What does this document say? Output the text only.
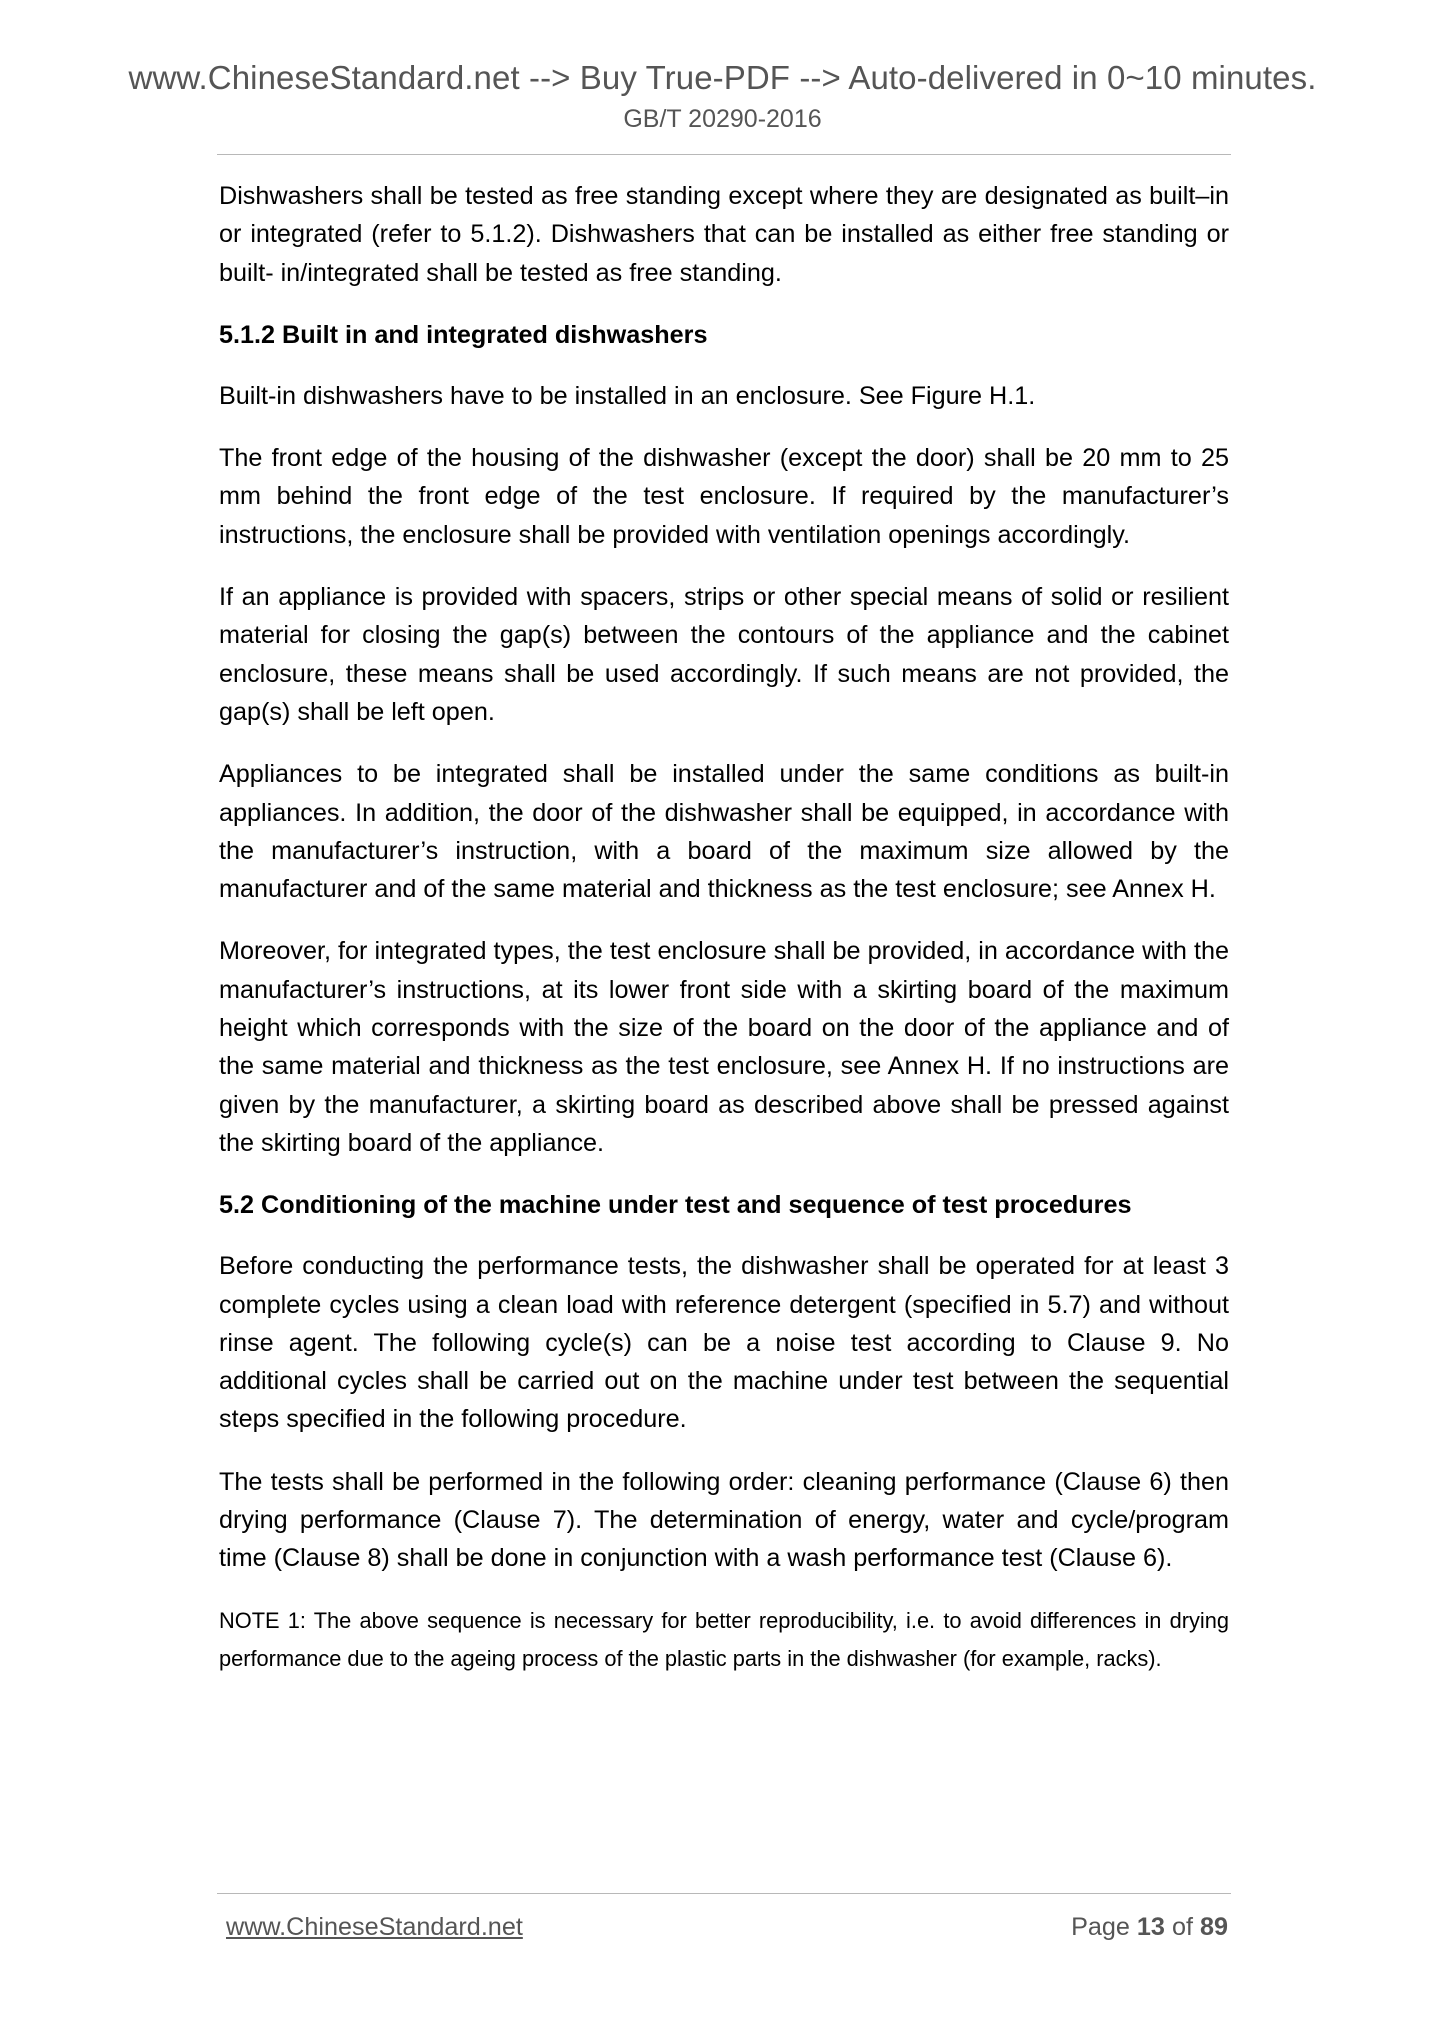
www.ChineseStandard.net --> Buy True-PDF --> Auto-delivered in 0~10 minutes.
GB/T 20290-2016

Dishwashers shall be tested as free standing except where they are designated as built–in or integrated (refer to 5.1.2). Dishwashers that can be installed as either free standing or built- in/integrated shall be tested as free standing.

5.1.2 Built in and integrated dishwashers

Built-in dishwashers have to be installed in an enclosure. See Figure H.1.

The front edge of the housing of the dishwasher (except the door) shall be 20 mm to 25 mm behind the front edge of the test enclosure. If required by the manufacturer’s instructions, the enclosure shall be provided with ventilation openings accordingly.

If an appliance is provided with spacers, strips or other special means of solid or resilient material for closing the gap(s) between the contours of the appliance and the cabinet enclosure, these means shall be used accordingly. If such means are not provided, the gap(s) shall be left open.

Appliances to be integrated shall be installed under the same conditions as built-in appliances. In addition, the door of the dishwasher shall be equipped, in accordance with the manufacturer’s instruction, with a board of the maximum size allowed by the manufacturer and of the same material and thickness as the test enclosure; see Annex H.

Moreover, for integrated types, the test enclosure shall be provided, in accordance with the manufacturer’s instructions, at its lower front side with a skirting board of the maximum height which corresponds with the size of the board on the door of the appliance and of the same material and thickness as the test enclosure, see Annex H. If no instructions are given by the manufacturer, a skirting board as described above shall be pressed against the skirting board of the appliance.

5.2 Conditioning of the machine under test and sequence of test procedures

Before conducting the performance tests, the dishwasher shall be operated for at least 3 complete cycles using a clean load with reference detergent (specified in 5.7) and without rinse agent. The following cycle(s) can be a noise test according to Clause 9. No additional cycles shall be carried out on the machine under test between the sequential steps specified in the following procedure.

The tests shall be performed in the following order: cleaning performance (Clause 6) then drying performance (Clause 7). The determination of energy, water and cycle/program time (Clause 8) shall be done in conjunction with a wash performance test (Clause 6).

NOTE 1: The above sequence is necessary for better reproducibility, i.e. to avoid differences in drying performance due to the ageing process of the plastic parts in the dishwasher (for example, racks).

www.ChineseStandard.net	Page 13 of 89
